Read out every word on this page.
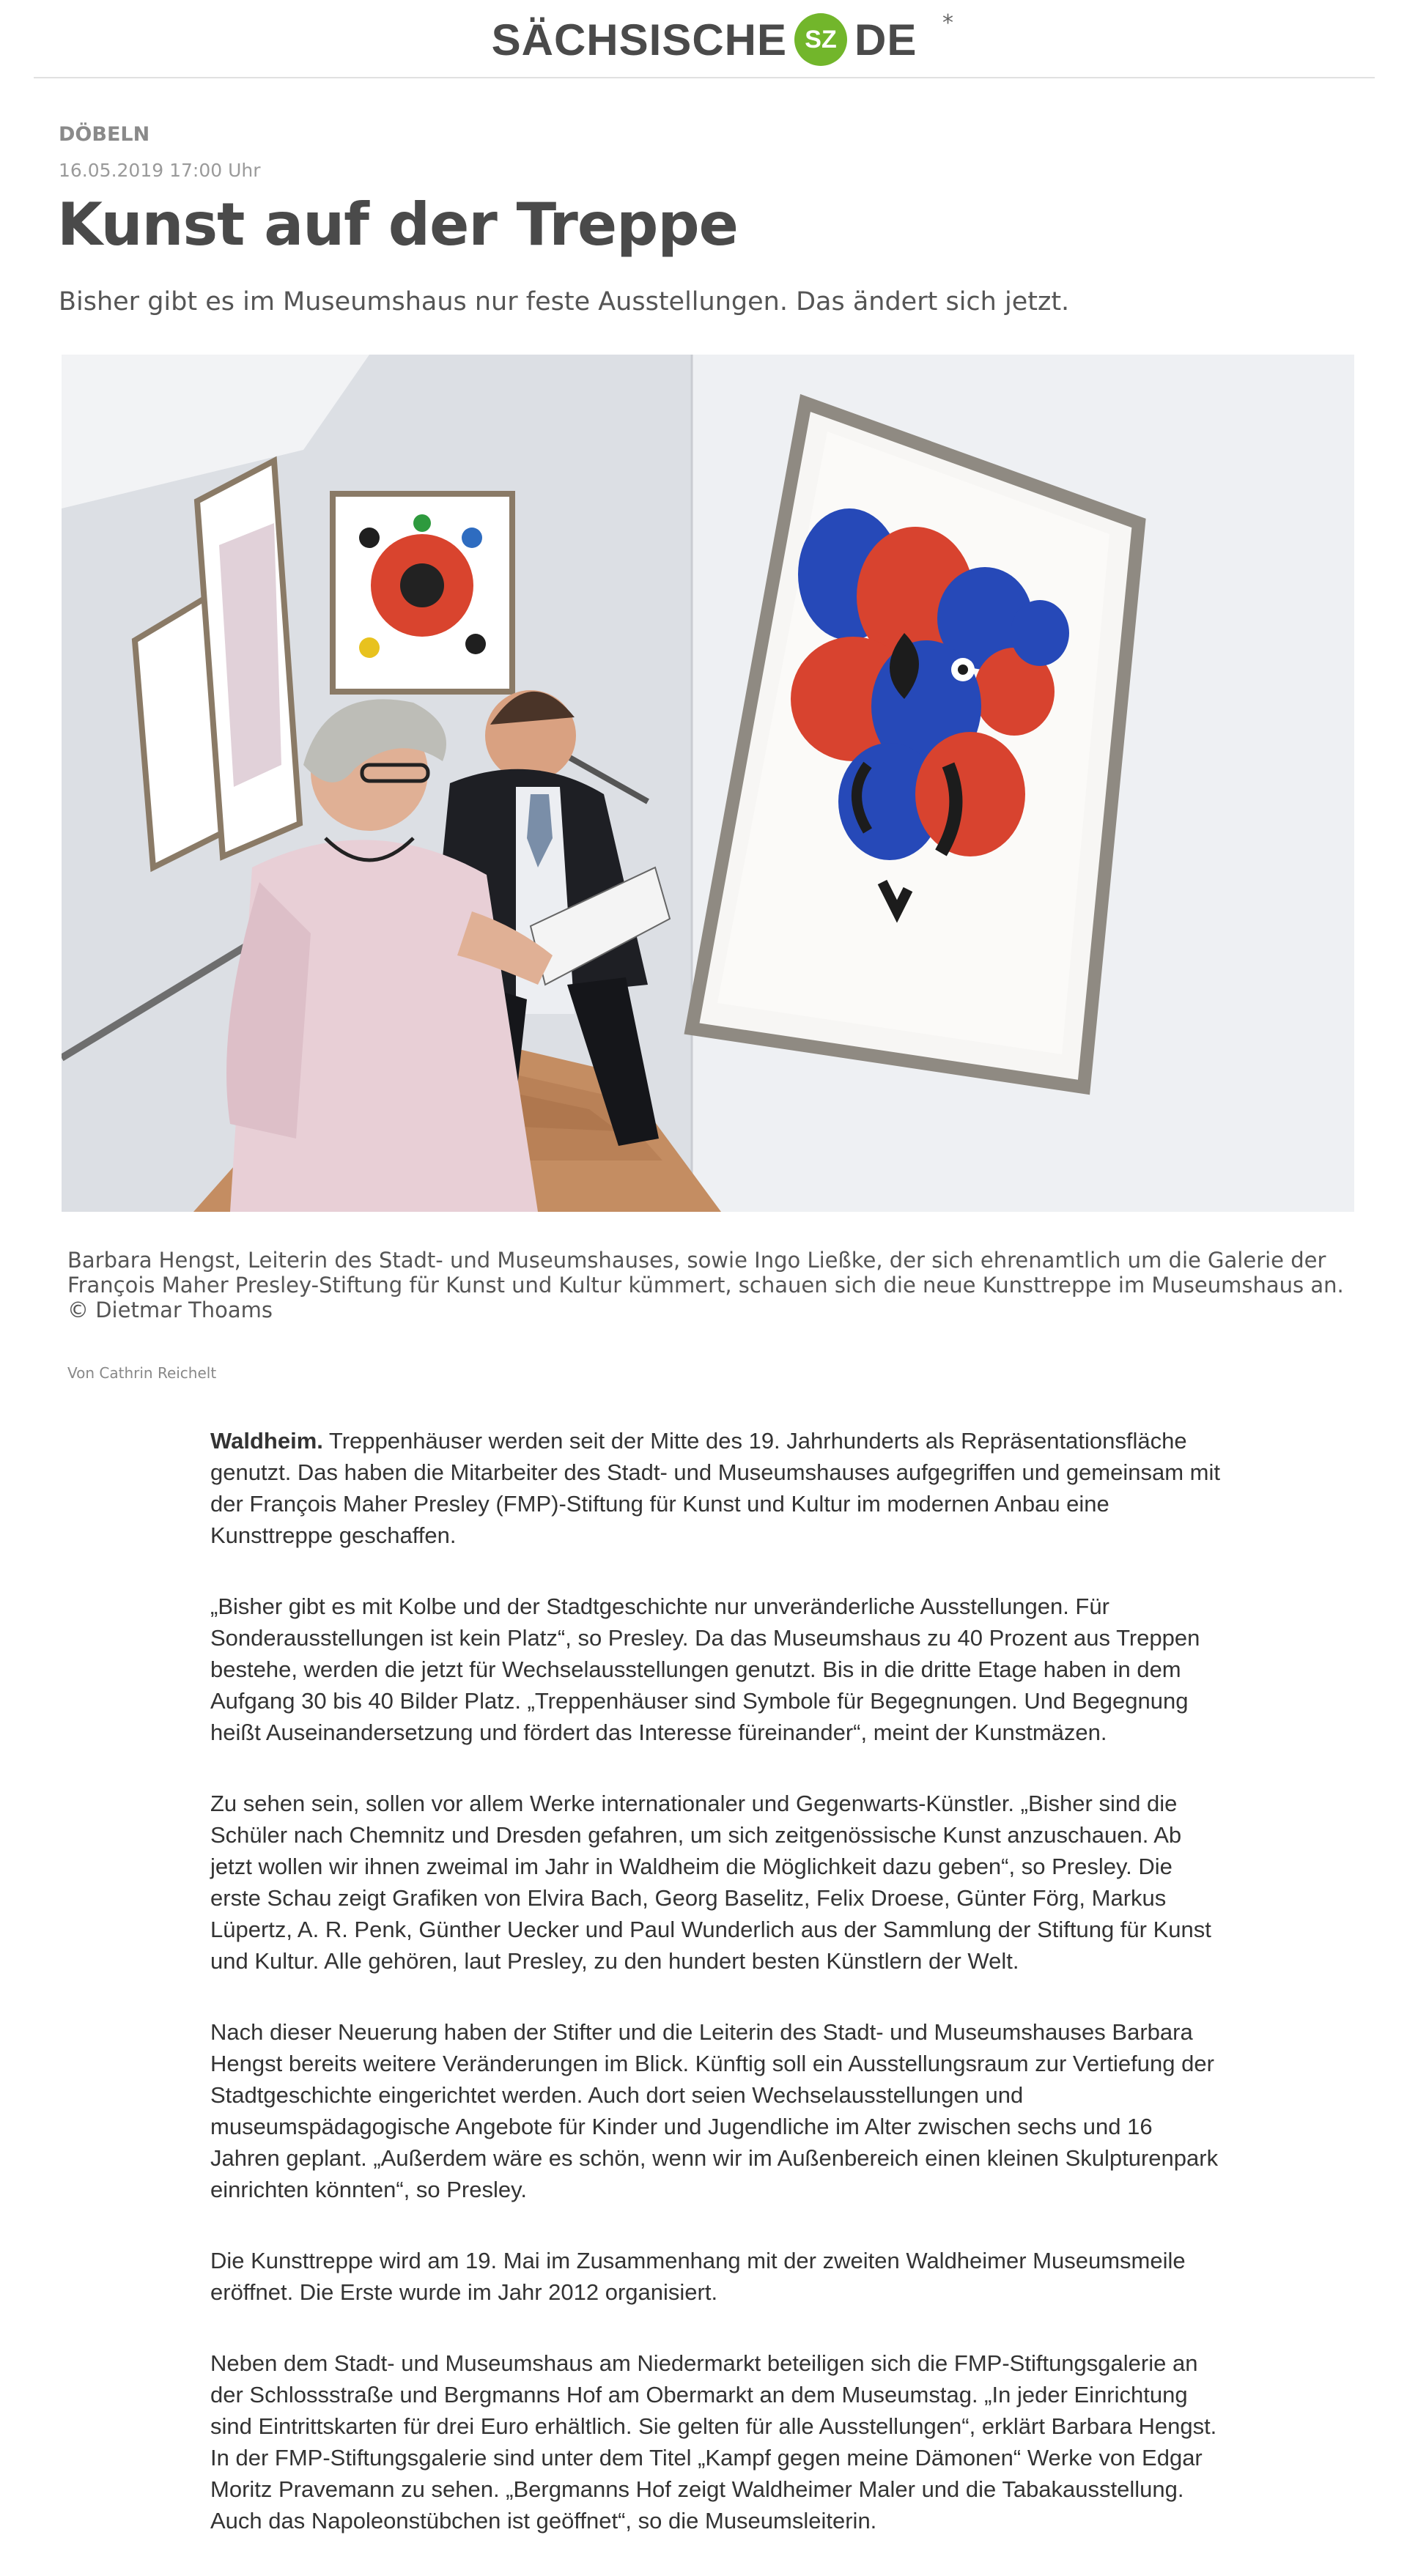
SÄCHSISCHE SZ DE *
DÖBELN
16.05.2019 17:00 Uhr
Kunst auf der Treppe

Bisher gibt es im Museumshaus nur feste Ausstellungen. Das ändert sich jetzt.

Barbara Hengst, Leiterin des Stadt- und Museumshauses, sowie Ingo Ließke, der sich ehrenamtlich um die Galerie der François Maher Presley-Stiftung für Kunst und Kultur kümmert, schauen sich die neue Kunsttreppe im Museumshaus an. © Dietmar Thoams
Von Cathrin Reichelt

Waldheim. Treppenhäuser werden seit der Mitte des 19. Jahrhunderts als Repräsentationsfläche genutzt. Das haben die Mitarbeiter des Stadt- und Museumshauses aufgegriffen und gemeinsam mit der François Maher Presley (FMP)-Stiftung für Kunst und Kultur im modernen Anbau eine Kunsttreppe geschaffen.

„Bisher gibt es mit Kolbe und der Stadtgeschichte nur unveränderliche Ausstellungen. Für Sonderausstellungen ist kein Platz“, so Presley. Da das Museumshaus zu 40 Prozent aus Treppen bestehe, werden die jetzt für Wechselausstellungen genutzt. Bis in die dritte Etage haben in dem Aufgang 30 bis 40 Bilder Platz. „Treppenhäuser sind Symbole für Begegnungen. Und Begegnung heißt Auseinandersetzung und fördert das Interesse füreinander“, meint der Kunstmäzen.

Zu sehen sein, sollen vor allem Werke internationaler und Gegenwarts-Künstler. „Bisher sind die Schüler nach Chemnitz und Dresden gefahren, um sich zeitgenössische Kunst anzuschauen. Ab jetzt wollen wir ihnen zweimal im Jahr in Waldheim die Möglichkeit dazu geben“, so Presley. Die erste Schau zeigt Grafiken von Elvira Bach, Georg Baselitz, Felix Droese, Günter Förg, Markus Lüpertz, A. R. Penk, Günther Uecker und Paul Wunderlich aus der Sammlung der Stiftung für Kunst und Kultur. Alle gehören, laut Presley, zu den hundert besten Künstlern der Welt.

Nach dieser Neuerung haben der Stifter und die Leiterin des Stadt- und Museumshauses Barbara Hengst bereits weitere Veränderungen im Blick. Künftig soll ein Ausstellungsraum zur Vertiefung der Stadtgeschichte eingerichtet werden. Auch dort seien Wechselausstellungen und museumspädagogische Angebote für Kinder und Jugendliche im Alter zwischen sechs und 16 Jahren geplant. „Außerdem wäre es schön, wenn wir im Außenbereich einen kleinen Skulpturenpark einrichten könnten“, so Presley.

Die Kunsttreppe wird am 19. Mai im Zusammenhang mit der zweiten Waldheimer Museumsmeile eröffnet. Die Erste wurde im Jahr 2012 organisiert.

Neben dem Stadt- und Museumshaus am Niedermarkt beteiligen sich die FMP-Stiftungsgalerie an der Schlossstraße und Bergmanns Hof am Obermarkt an dem Museumstag. „In jeder Einrichtung sind Eintrittskarten für drei Euro erhältlich. Sie gelten für alle Ausstellungen“, erklärt Barbara Hengst. In der FMP-Stiftungsgalerie sind unter dem Titel „Kampf gegen meine Dämonen“ Werke von Edgar Moritz Pravemann zu sehen. „Bergmanns Hof zeigt Waldheimer Maler und die Tabakausstellung. Auch das Napoleonstübchen ist geöffnet“, so die Museumsleiterin.
